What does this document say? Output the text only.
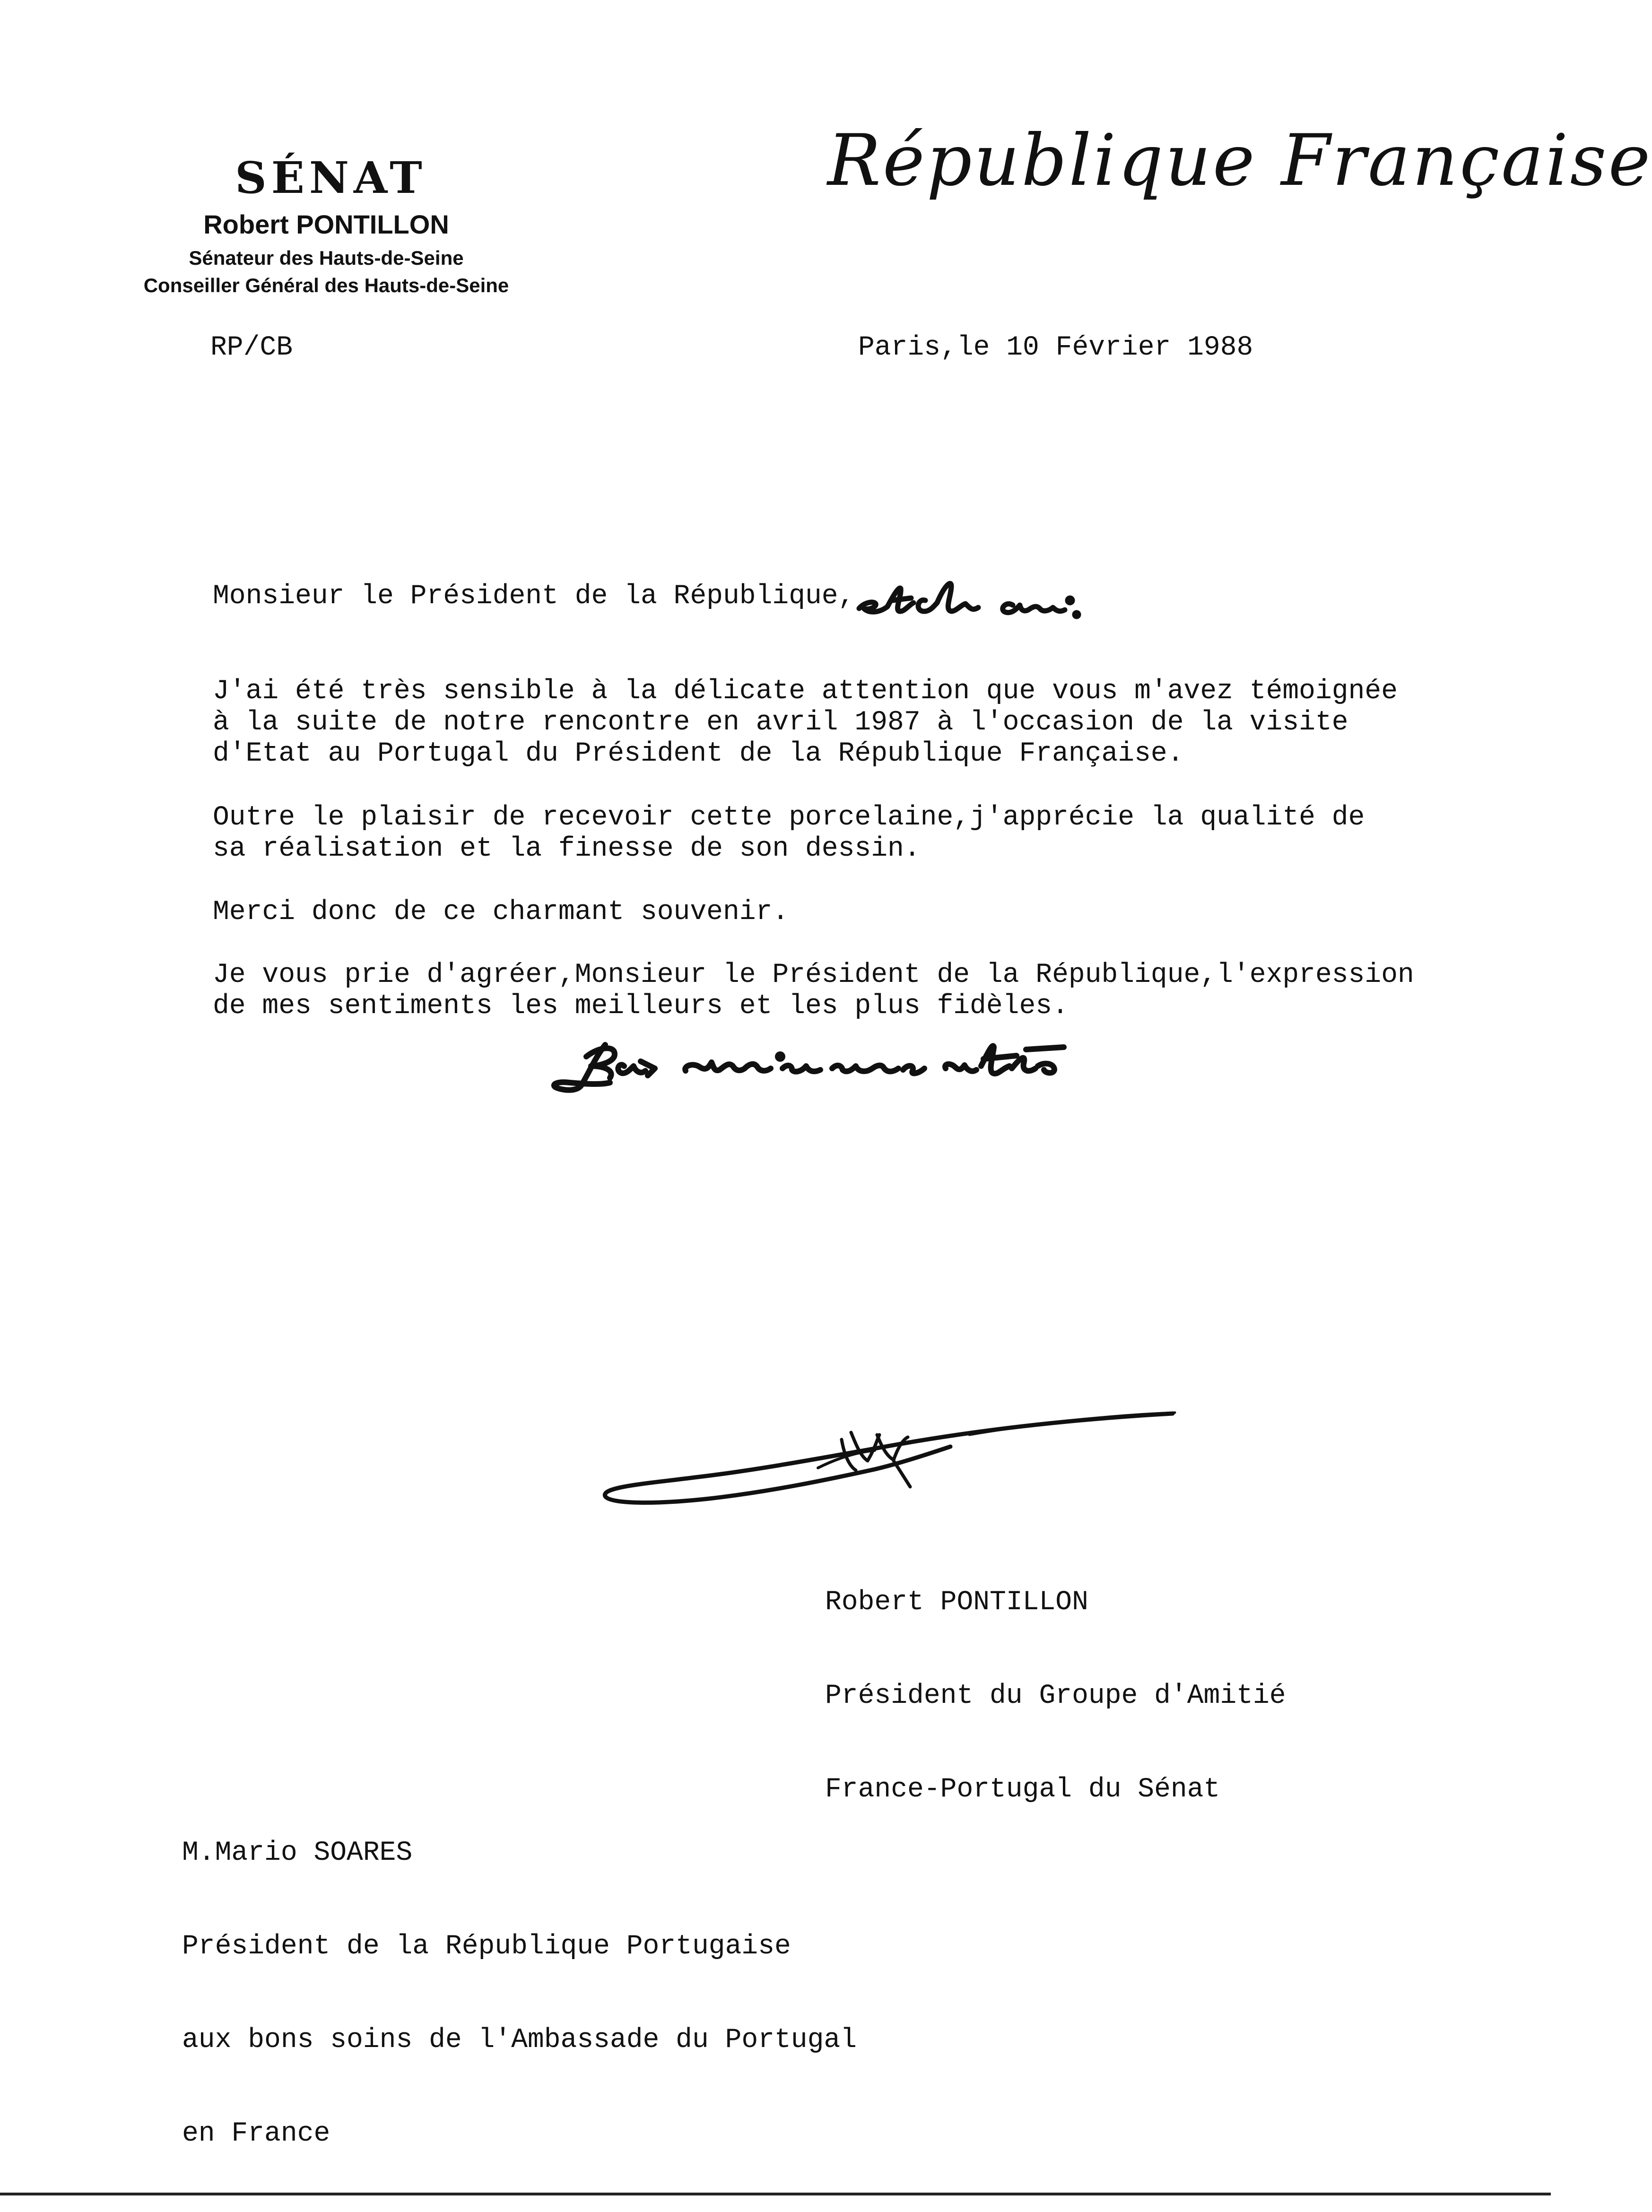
SÉNAT
Robert PONTILLON
Sénateur des Hauts-de-Seine
Conseiller Général des Hauts-de-Seine
République Française
RP/CB	Paris,le 10 Février 1988
Monsieur le Président de la République,

J'ai été très sensible à la délicate attention que vous m'avez témoignée

à la suite de notre rencontre en avril 1987 à l'occasion de la visite

d'Etat au Portugal du Président de la République Française.

Outre le plaisir de recevoir cette porcelaine,j'apprécie la qualité de

sa réalisation et la finesse de son dessin.

Merci donc de ce charmant souvenir.

Je vous prie d'agréer,Monsieur le Président de la République,l'expression

de mes sentiments les meilleurs et les plus fidèles.

Robert PONTILLON

Président du Groupe d'Amitié

France-Portugal du Sénat

M.Mario SOARES

Président de la République Portugaise

aux bons soins de l'Ambassade du Portugal

en France
